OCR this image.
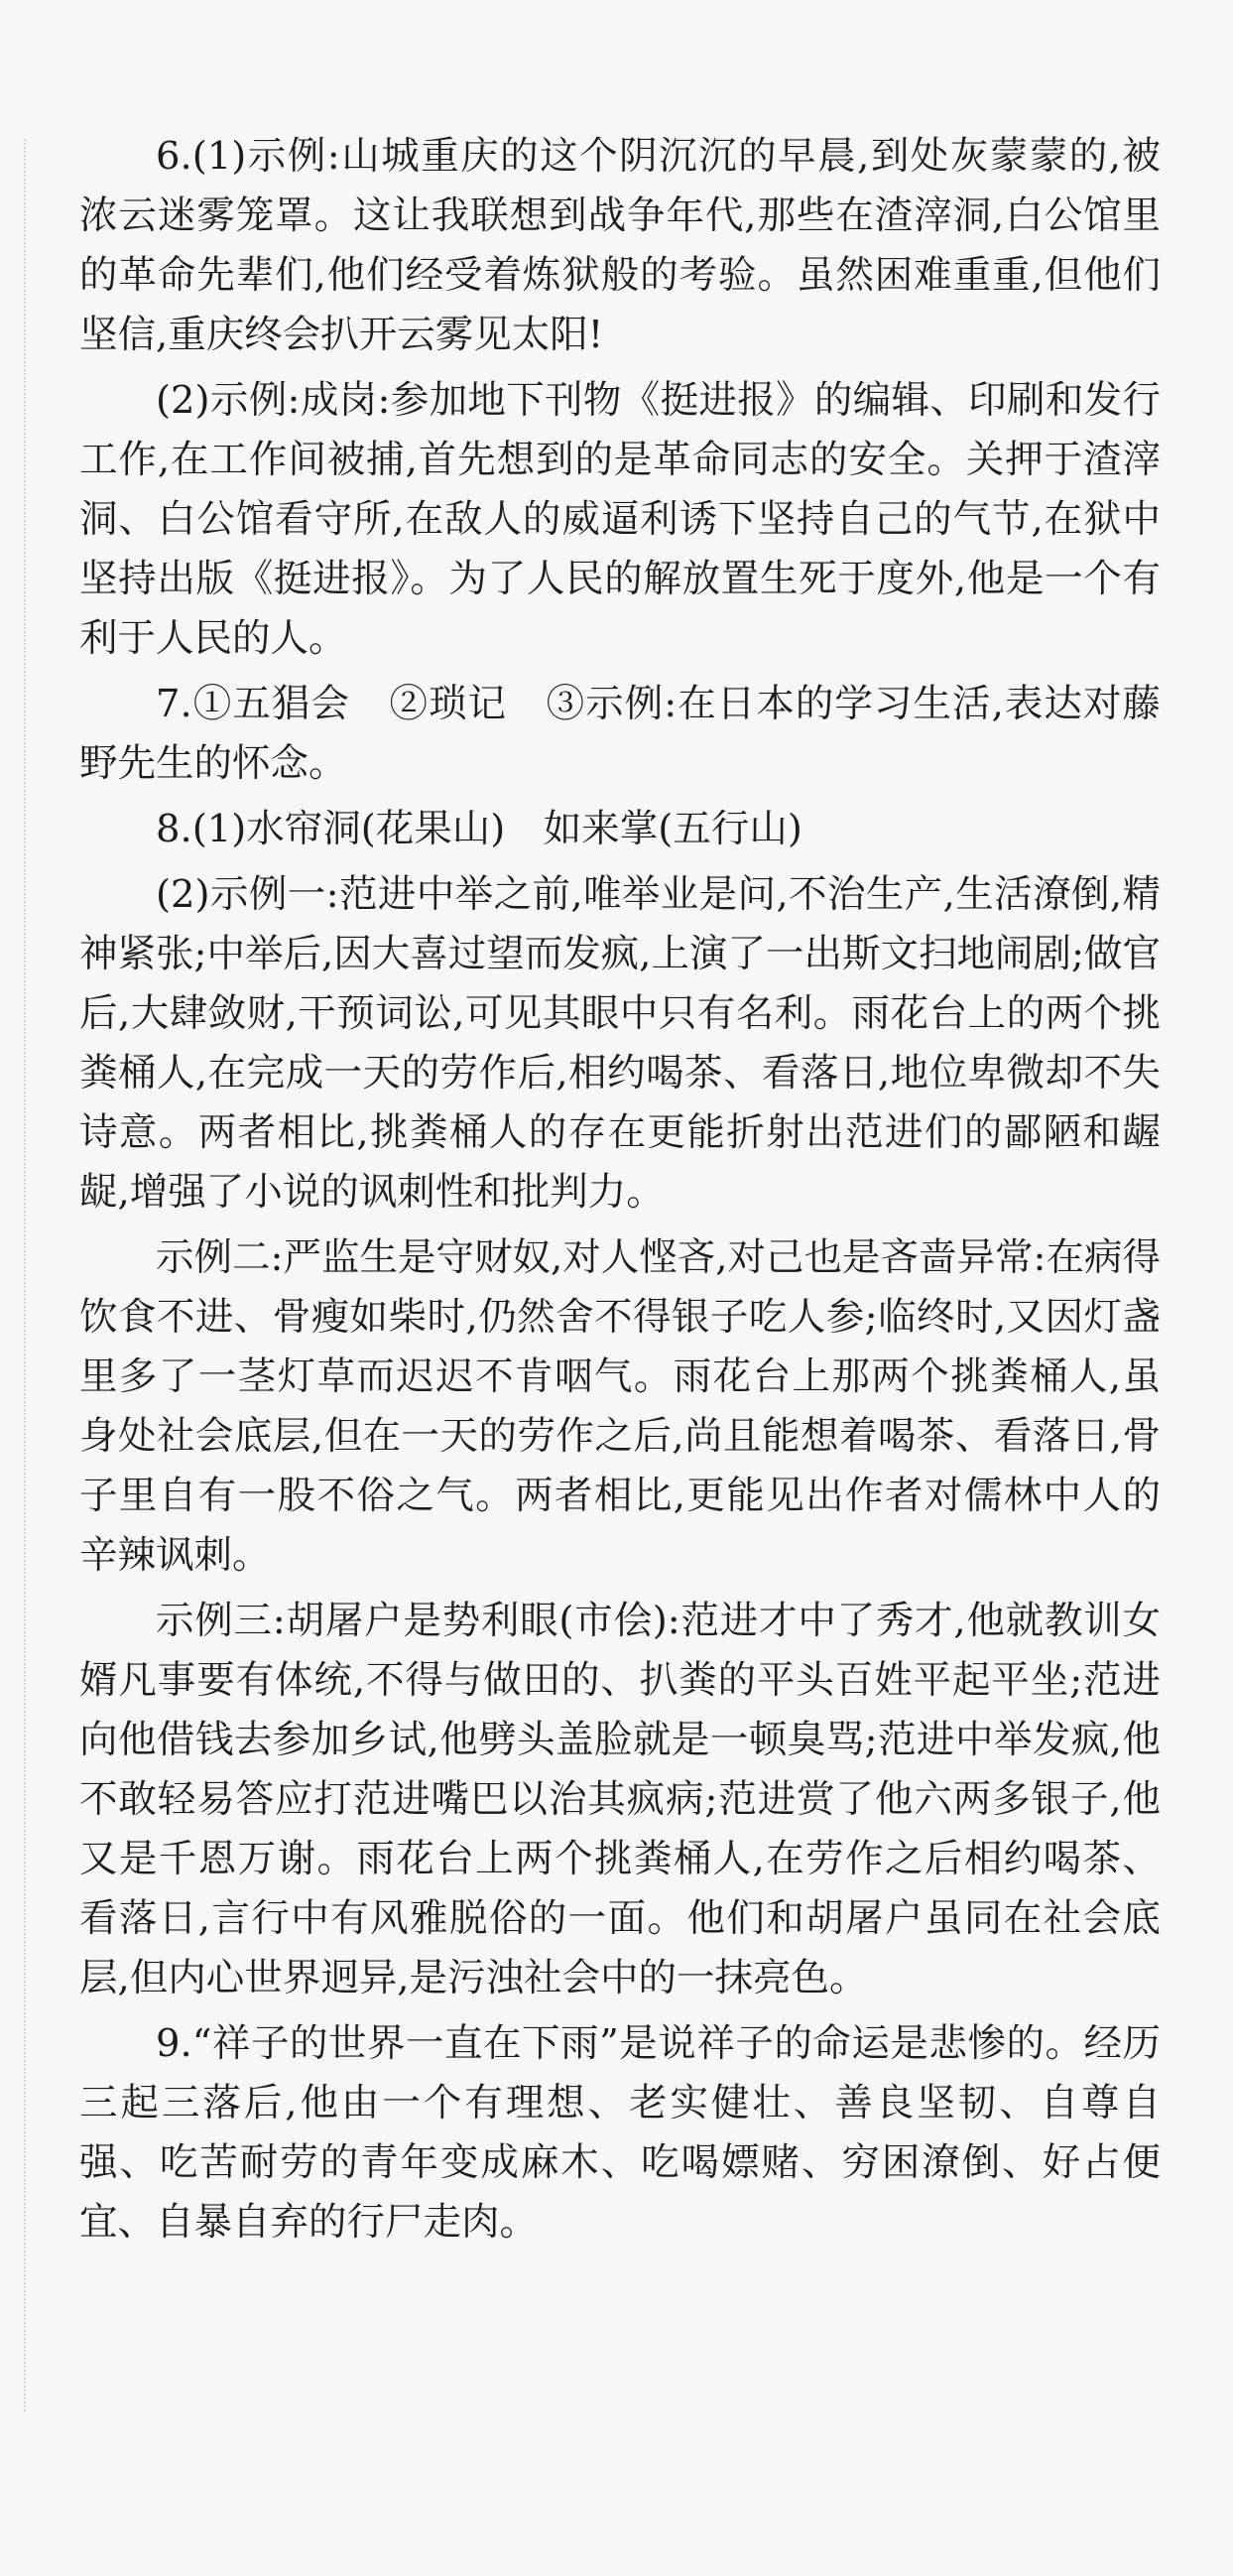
6.(1)示例:山城重庆的这个阴沉沉的早晨,到处灰蒙蒙的,被浓云迷雾笼罩。这让我联想到战争年代,那些在渣滓洞,白公馆里的革命先辈们,他们经受着炼狱般的考验。虽然困难重重,但他们坚信,重庆终会扒开云雾见太阳!

(2)示例:成岗:参加地下刊物《挺进报》的编辑、印刷和发行工作,在工作间被捕,首先想到的是革命同志的安全。关押于渣滓洞、白公馆看守所,在敌人的威逼利诱下坚持自己的气节,在狱中坚持出版《挺进报》。为了人民的解放置生死于度外,他是一个有利于人民的人。

7.①五猖会　②琐记　③示例:在日本的学习生活,表达对藤野先生的怀念。

8.(1)水帘洞(花果山)　如来掌(五行山)

(2)示例一:范进中举之前,唯举业是问,不治生产,生活潦倒,精神紧张;中举后,因大喜过望而发疯,上演了一出斯文扫地闹剧;做官后,大肆敛财,干预词讼,可见其眼中只有名利。雨花台上的两个挑粪桶人,在完成一天的劳作后,相约喝茶、看落日,地位卑微却不失诗意。两者相比,挑粪桶人的存在更能折射出范进们的鄙陋和龌龊,增强了小说的讽刺性和批判力。

示例二:严监生是守财奴,对人悭吝,对己也是吝啬异常:在病得饮食不进、骨瘦如柴时,仍然舍不得银子吃人参;临终时,又因灯盏里多了一茎灯草而迟迟不肯咽气。雨花台上那两个挑粪桶人,虽身处社会底层,但在一天的劳作之后,尚且能想着喝茶、看落日,骨子里自有一股不俗之气。两者相比,更能见出作者对儒林中人的辛辣讽刺。

示例三:胡屠户是势利眼(市侩):范进才中了秀才,他就教训女婿凡事要有体统,不得与做田的、扒粪的平头百姓平起平坐;范进向他借钱去参加乡试,他劈头盖脸就是一顿臭骂;范进中举发疯,他不敢轻易答应打范进嘴巴以治其疯病;范进赏了他六两多银子,他又是千恩万谢。雨花台上两个挑粪桶人,在劳作之后相约喝茶、看落日,言行中有风雅脱俗的一面。他们和胡屠户虽同在社会底层,但内心世界迥异,是污浊社会中的一抹亮色。

9.“祥子的世界一直在下雨”是说祥子的命运是悲惨的。经历三起三落后,他由一个有理想、老实健壮、善良坚韧、自尊自强、吃苦耐劳的青年变成麻木、吃喝嫖赌、穷困潦倒、好占便宜、自暴自弃的行尸走肉。
